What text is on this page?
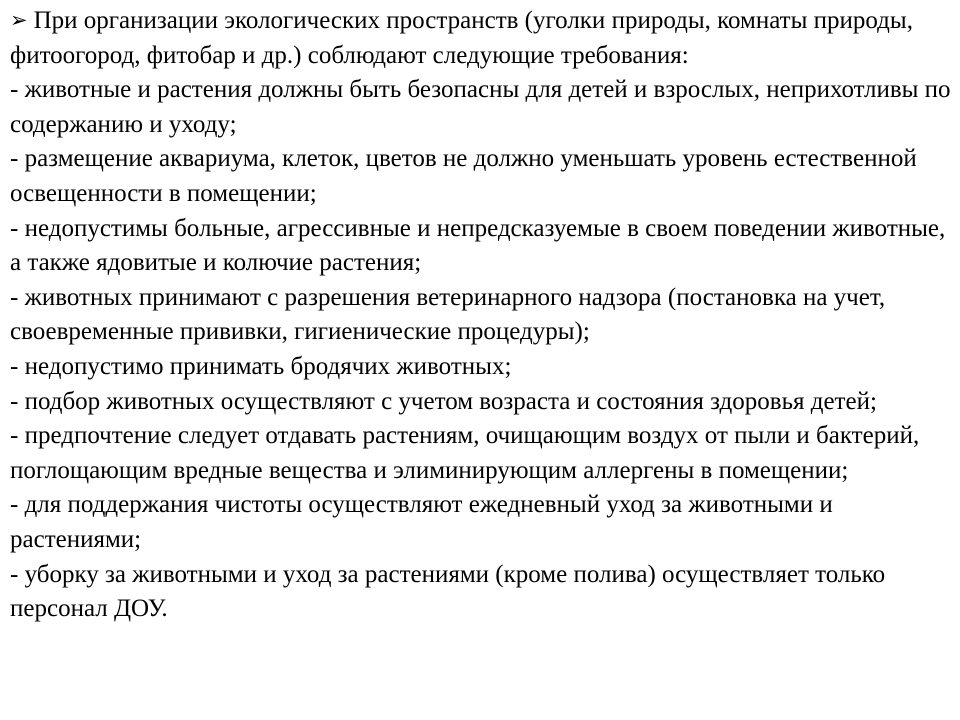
➢ При организации экологических пространств (уголки природы, комнаты природы, фитоогород, фитобар и др.) соблюдают следующие требования:

- животные и растения должны быть безопасны для детей и взрослых, неприхотливы по содержанию и уходу;
- размещение аквариума, клеток, цветов не должно уменьшать уровень естественной освещенности в помещении;
- недопустимы больные, агрессивные и непредсказуемые в своем поведении животные, а также ядовитые и колючие растения;
- животных принимают с разрешения ветеринарного надзора (постановка на учет, своевременные прививки, гигиенические процедуры);
- недопустимо принимать бродячих животных;
- подбор животных осуществляют с учетом возраста и состояния здоровья детей;
- предпочтение следует отдавать растениям, очищающим воздух от пыли и бактерий, поглощающим вредные вещества и элиминирующим аллергены в помещении;
- для поддержания чистоты осуществляют ежедневный уход за животными и растениями;
- уборку за животными и уход за растениями (кроме полива) осуществляет только персонал ДОУ.
